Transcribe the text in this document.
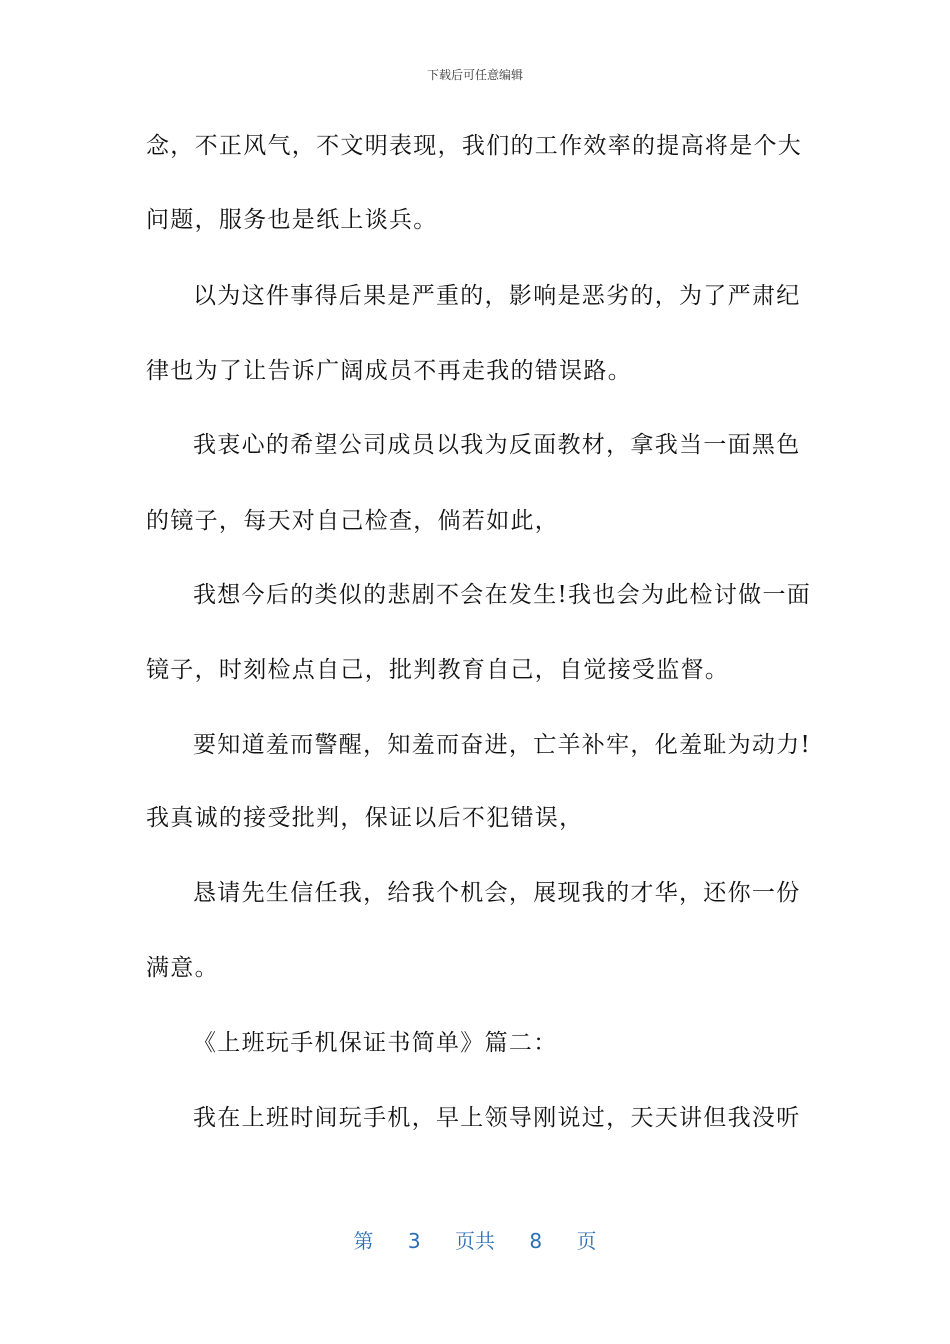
下载后可任意编辑
念，不正风气，不文明表现，我们的工作效率的提高将是个大
问题，服务也是纸上谈兵。
以为这件事得后果是严重的，影响是恶劣的，为了严肃纪
律也为了让告诉广阔成员不再走我的错误路。
我衷心的希望公司成员以我为反面教材，拿我当一面黑色
的镜子，每天对自己检查，倘若如此，
我想今后的类似的悲剧不会在发生!我也会为此检讨做一面
镜子，时刻检点自己，批判教育自己，自觉接受监督。
要知道羞而警醒，知羞而奋进，亡羊补牢，化羞耻为动力!
我真诚的接受批判，保证以后不犯错误，
恳请先生信任我，给我个机会，展现我的才华，还你一份
满意。
《上班玩手机保证书简单》篇二：
我在上班时间玩手机，早上领导刚说过，天天讲但我没听
第 3 页共 8 页
